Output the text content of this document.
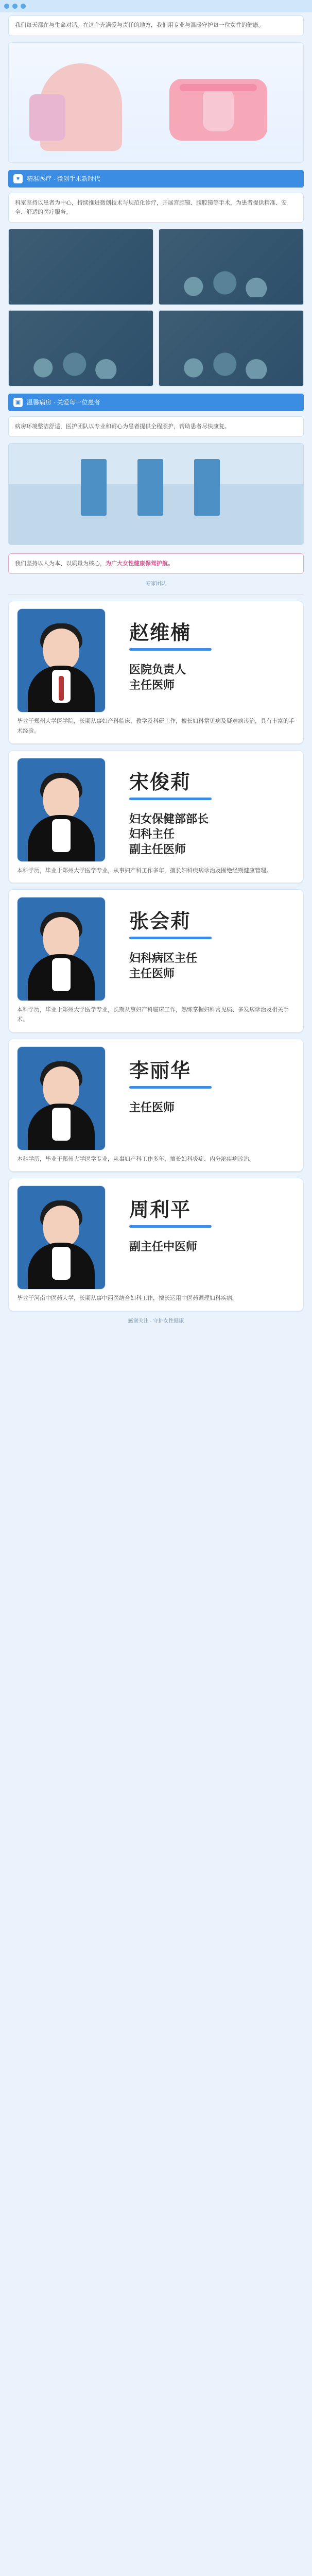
我们每天都在与生命对话。在这个充满爱与责任的地方，我们用专业与温暖守护每一位女性的健康。
♥	精准医疗 · 微创手术新时代
科室坚持以患者为中心，持续推进微创技术与规范化诊疗，开展宫腔镜、腹腔镜等手术，为患者提供精准、安全、舒适的医疗服务。
▣ 温馨病房 · 关爱每一位患者
病房环境整洁舒适，医护团队以专业和耐心为患者提供全程照护，帮助患者尽快康复。
我们坚持以人为本、以质量为核心，为广大女性健康保驾护航。
专家团队
赵维楠
医院负责人
主任医师
毕业于郑州大学医学院，长期从事妇产科临床、教学及科研工作，擅长妇科常见病及疑难病诊治，具有丰富的手术经验。
宋俊莉
妇女保健部部长
妇科主任
副主任医师
本科学历，毕业于郑州大学医学专业，从事妇产科工作多年，擅长妇科疾病诊治及围绝经期健康管理。
张会莉
妇科病区主任
主任医师
本科学历，毕业于郑州大学医学专业，长期从事妇产科临床工作，熟练掌握妇科常见病、多发病诊治及相关手术。
李丽华
主任医师
本科学历，毕业于郑州大学医学专业，从事妇产科工作多年，擅长妇科炎症、内分泌疾病诊治。
周利平
副主任中医师
毕业于河南中医药大学，长期从事中西医结合妇科工作，擅长运用中医药调理妇科疾病。
感谢关注 · 守护女性健康
